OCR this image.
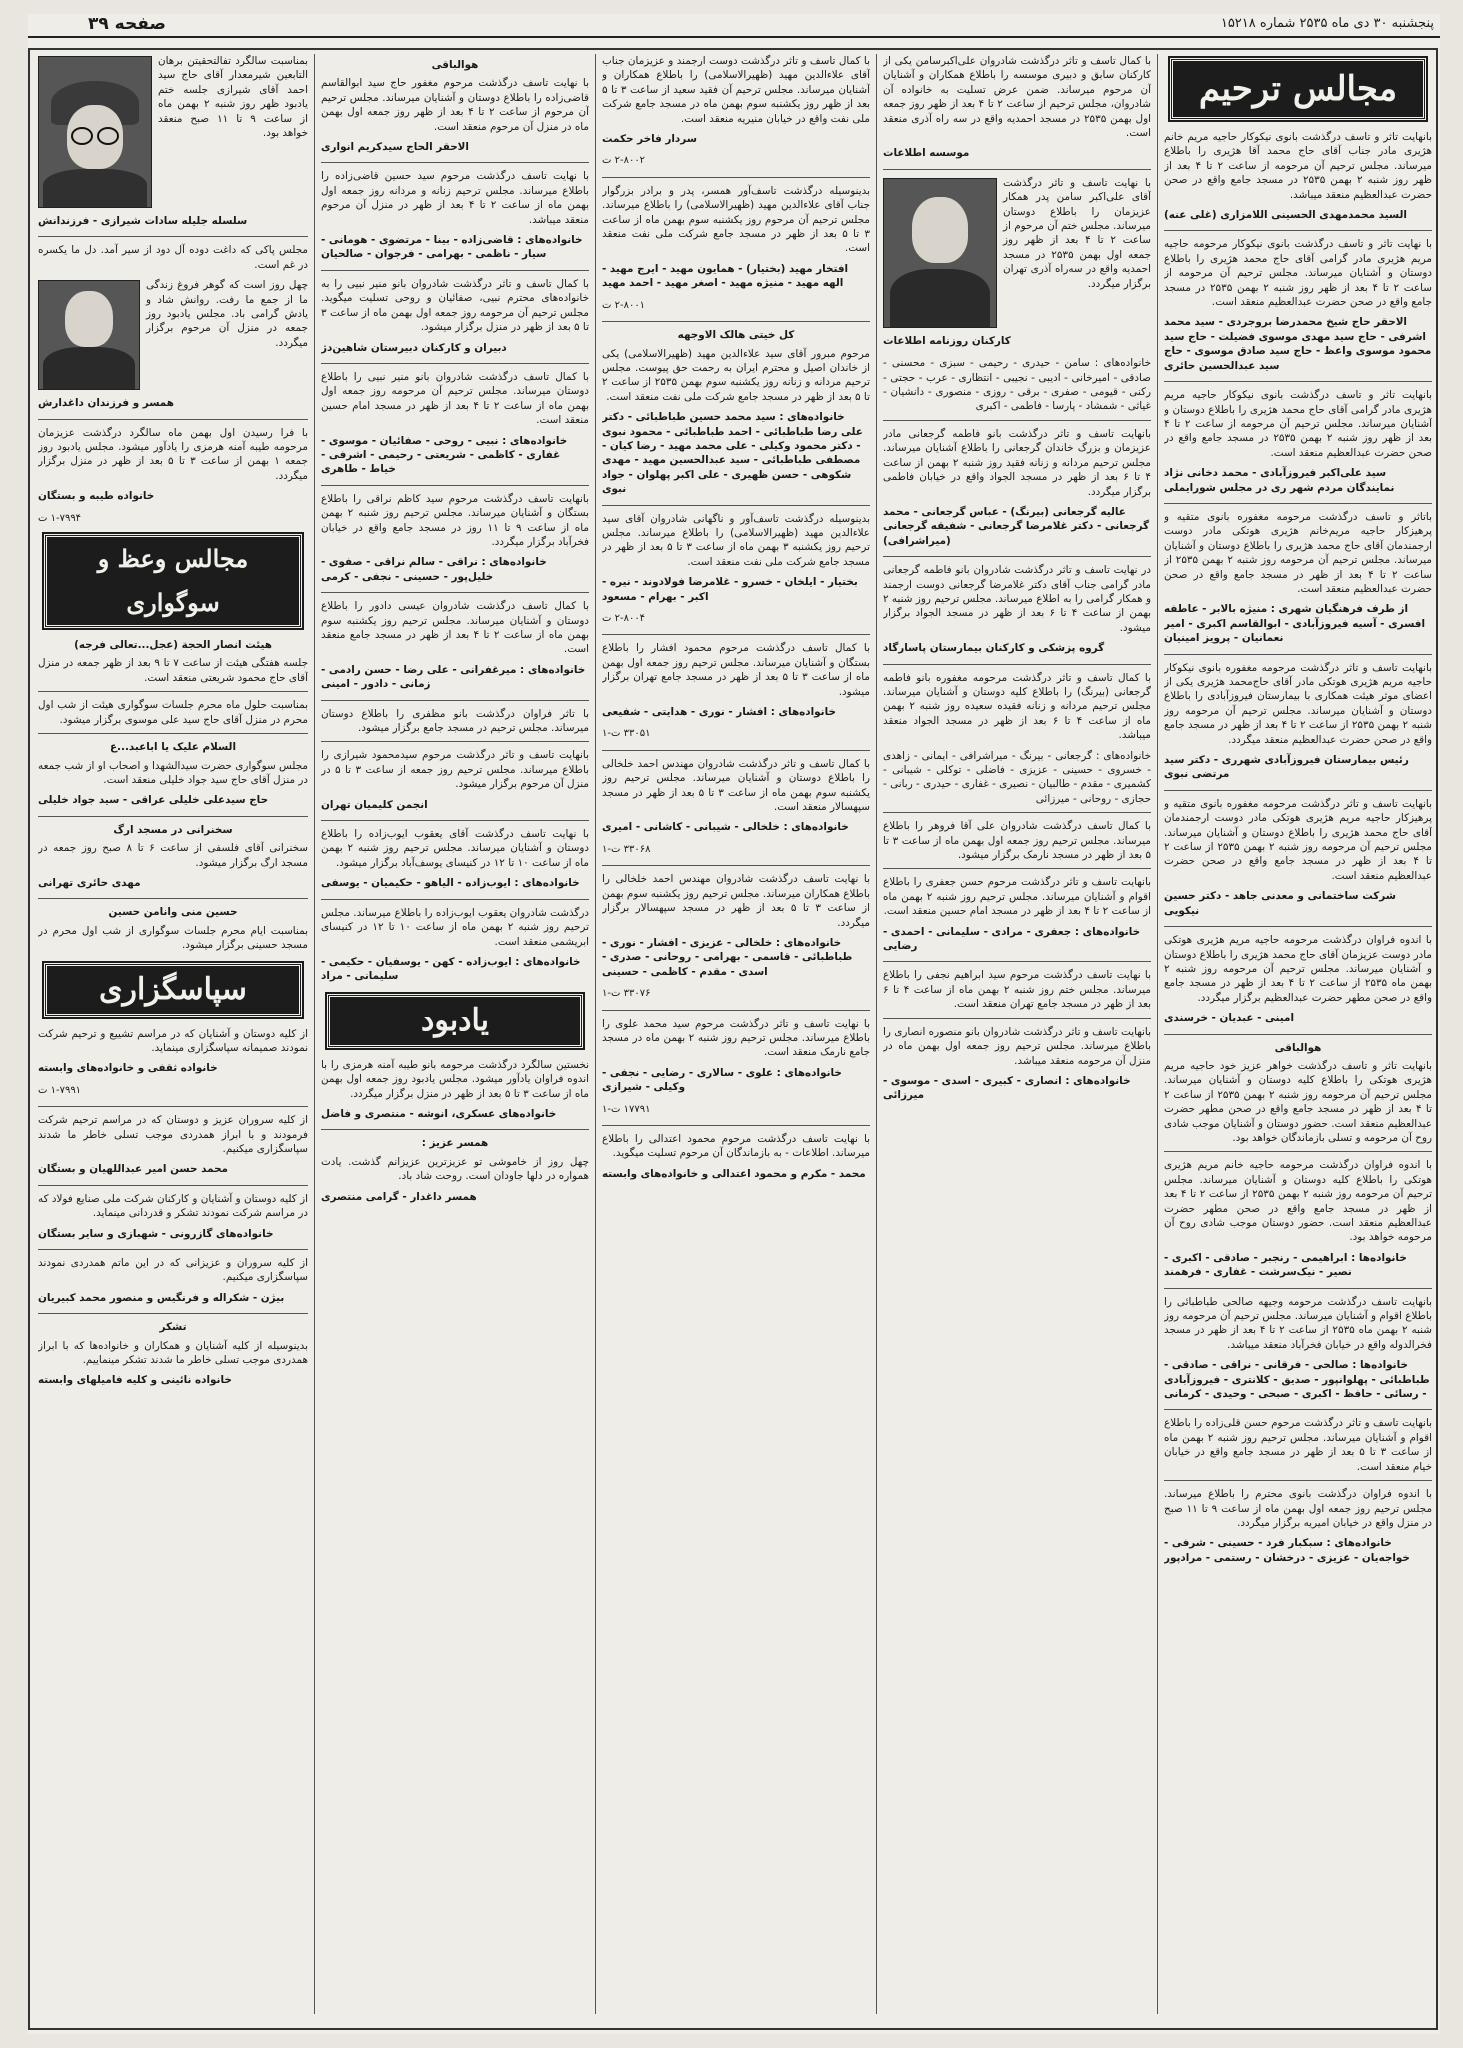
پنجشنبه ۳۰ دی ماه ۲۵۳۵ شماره ۱۵۲۱۸
صفحه ۳۹
مجالس ترحیم

بانهایت تاثر و تاسف درگذشت بانوی نیکوکار حاجیه مریم خانم هژیری مادر جناب آقای حاج محمد آقا هژیری را باطلاع میرساند. مجلس ترحیم آن مرحومه از ساعت ۲ تا ۴ بعد از ظهر روز شنبه ۲ بهمن ۲۵۳۵ در مسجد جامع واقع در صحن حضرت عبدالعظیم منعقد میباشد.

السید محمدمهدی الحسینی اللامزاری (غلی عنه)

با نهایت تاثر و تاسف درگذشت بانوی نیکوکار مرحومه حاجیه مریم هژیری مادر گرامی آقای حاج محمد هژیری را باطلاع دوستان و آشنایان میرساند. مجلس ترحیم آن مرحومه از ساعت ۲ تا ۴ بعد از ظهر روز شنبه ۲ بهمن ۲۵۳۵ در مسجد جامع واقع در صحن حضرت عبدالعظیم منعقد است.

الاحقر حاج شیخ محمدرضا بروجردی - سید محمد اشرفی - حاج سید مهدی موسوی فضیلت - حاج سید محمود موسوی واعظ - حاج سید صادق موسوی - حاج سید عبدالحسین حائری

بانهایت تاثر و تاسف درگذشت بانوی نیکوکار حاجیه مریم هژیری مادر گرامی آقای حاج محمد هژیری را باطلاع دوستان و آشنایان میرساند. مجلس ترحیم آن مرحومه از ساعت ۲ تا ۴ بعد از ظهر روز شنبه ۲ بهمن ۲۵۳۵ در مسجد جامع واقع در صحن حضرت عبدالعظیم منعقد است.

سید علی‌اکبر فیروزآبادی - محمد دخانی نژاد نمایندگان مردم شهر ری در مجلس شورایملی

باتاثر و تاسف درگذشت مرحومه مغفوره بانوی متقیه و پرهیزکار حاجیه مریم‌خانم هژیری هوتکی مادر دوست ارجمندمان آقای حاج محمد هژیری را باطلاع دوستان و آشنایان میرساند. مجلس ترحیم آن مرحومه روز شنبه ۲ بهمن ۲۵۳۵ از ساعت ۲ تا ۴ بعد از ظهر در مسجد جامع واقع در صحن حضرت عبدالعظیم منعقد است.

از طرف فرهنگیان شهری : منیژه بالابر - عاطفه افسری - آسیه فیروزآبادی - ابوالقاسم اکبری - امیر نعمانیان - پرویز امینیان

بانهایت تاسف و تاثر درگذشت مرحومه مغفوره بانوی نیکوکار حاجیه مریم هژیری هوتکی مادر آقای حاج‌محمد هژیری یکی از اعضای موثر هیئت همکاری با بیمارستان فیروزآبادی را باطلاع دوستان و آشنایان میرساند. مجلس ترحیم آن مرحومه روز شنبه ۲ بهمن ۲۵۳۵ از ساعت ۲ تا ۴ بعد از ظهر در مسجد جامع واقع در صحن حضرت عبدالعظیم منعقد میگردد.

رئیس بیمارستان فیروزآبادی شهرری - دکتر سید مرتضی نبوی

بانهایت تاسف و تاثر درگذشت مرحومه مغفوره بانوی متقیه و پرهیزکار حاجیه مریم هژیری هوتکی مادر دوست ارجمندمان آقای حاج محمد هژیری را باطلاع دوستان و آشنایان میرساند. مجلس ترحیم آن مرحومه روز شنبه ۲ بهمن ۲۵۳۵ از ساعت ۲ تا ۴ بعد از ظهر در مسجد جامع واقع در صحن حضرت عبدالعظیم منعقد است.

شرکت ساختمانی و معدنی جاهد - دکتر حسین نیکویی

با اندوه فراوان درگذشت مرحومه حاجیه مریم هژیری هوتکی مادر دوست عزیزمان آقای حاج محمد هژیری را باطلاع دوستان و آشنایان میرساند. مجلس ترحیم آن مرحومه روز شنبه ۲ بهمن ماه ۲۵۳۵ از ساعت ۲ تا ۴ بعد از ظهر در مسجد جامع واقع در صحن مطهر حضرت عبدالعظیم برگزار میگردد.

امینی - عبدیان - خرسندی

هوالباقی

بانهایت تاثر و تاسف درگذشت خواهر عزیز خود حاجیه مریم هژیری هوتکی را باطلاع کلیه دوستان و آشنایان میرساند. مجلس ترحیم آن مرحومه روز شنبه ۲ بهمن ۲۵۳۵ از ساعت ۲ تا ۴ بعد از ظهر در مسجد جامع واقع در صحن مطهر حضرت عبدالعظیم منعقد است. حضور دوستان و آشنایان موجب شادی روح آن مرحومه و تسلی بازماندگان خواهد بود.

با اندوه فراوان درگذشت مرحومه حاجیه خانم مریم هژیری هوتکی را باطلاع کلیه دوستان و آشنایان میرساند. مجلس ترحیم آن مرحومه روز شنبه ۲ بهمن ۲۵۳۵ از ساعت ۲ تا ۴ بعد از ظهر در مسجد جامع واقع در صحن مطهر حضرت عبدالعظیم منعقد است. حضور دوستان موجب شادی روح آن مرحومه خواهد بود.

خانواده‌ها : ابراهیمی - رنجبر - صادقی - اکبری - نصیر - نیک‌سرشت - غفاری - فرهمند

بانهایت تاسف درگذشت مرحومه وجیهه صالحی طباطبائی را باطلاع اقوام و آشنایان میرساند. مجلس ترحیم آن مرحومه روز شنبه ۲ بهمن ماه ۲۵۳۵ از ساعت ۲ تا ۴ بعد از ظهر در مسجد فخرالدوله واقع در خیابان فخرآباد منعقد میباشد.

خانواده‌ها : صالحی - فرقانی - نراقی - صادقی - طباطبائی - پهلوانپور - صدیق - کلانتری - فیروزآبادی - رسائی - حافظ - اکبری - صبحی - وحیدی - کرمانی

بانهایت تاسف و تاثر درگذشت مرحوم حسن قلی‌زاده را باطلاع اقوام و آشنایان میرساند. مجلس ترحیم روز شنبه ۲ بهمن ماه از ساعت ۳ تا ۵ بعد از ظهر در مسجد جامع واقع در خیابان خیام منعقد است.

با اندوه فراوان درگذشت بانوی محترم را باطلاع میرساند. مجلس ترحیم روز جمعه اول بهمن ماه از ساعت ۹ تا ۱۱ صبح در منزل واقع در خیابان امیریه برگزار میگردد.

خانواده‌های : سبکبار فرد - حسینی - شرفی - خواجه‌یان - عزیزی - درخشان - رستمی - مرادپور

با کمال تاسف و تاثر درگذشت شادروان علی‌اکبرسامن یکی از کارکنان سابق و دبیری موسسه را باطلاع همکاران و آشنایان آن مرحوم میرساند. ضمن عرض تسلیت به خانواده آن شادروان، مجلس ترحیم از ساعت ۲ تا ۴ بعد از ظهر روز جمعه اول بهمن ۲۵۳۵ در مسجد احمدیه واقع در سه راه آذری منعقد است.

موسسه اطلاعات

با نهایت تاسف و تاثر درگذشت آقای علی‌اکبر سامن پدر همکار عزیزمان را باطلاع دوستان میرساند. مجلس ختم آن مرحوم از ساعت ۲ تا ۴ بعد از ظهر روز جمعه اول بهمن ۲۵۳۵ در مسجد احمدیه واقع در سه‌راه آذری تهران برگزار میگردد.

کارکنان روزنامه اطلاعات

خانواده‌های : سامن - حیدری - رحیمی - سبزی - محسنی - صادقی - امیرخانی - ادیبی - نجیبی - انتظاری - عرب - حجتی - رکنی - قیومی - صفری - برقی - روزی - منصوری - دانشیان - غیاثی - شمشاد - پارسا - فاطمی - اکبری

بانهایت تاسف و تاثر درگذشت بانو فاطمه گرجعانی مادر عزیزمان و بزرگ خاندان گرجعانی را باطلاع آشنایان میرساند. مجلس ترحیم مردانه و زنانه فقید روز شنبه ۲ بهمن از ساعت ۴ تا ۶ بعد از ظهر در مسجد الجواد واقع در خیابان فاطمی برگزار میگردد.

عالیه گرجعانی (بیرنگ) - عباس گرجعانی - محمد گرجعانی - دکتر غلامرضا گرجعانی - شفیقه گرجعانی (میراشرافی)

در نهایت تاسف و تاثر درگذشت شادروان بانو فاطمه گرجعانی مادر گرامی جناب آقای دکتر غلامرضا گرجعانی دوست ارجمند و همکار گرامی را به اطلاع میرساند. مجلس ترحیم روز شنبه ۲ بهمن از ساعت ۴ تا ۶ بعد از ظهر در مسجد الجواد برگزار میشود.

گروه پزشکی و کارکنان بیمارستان پاسارگاد

با کمال تاسف و تاثر درگذشت مرحومه مغفوره بانو فاطمه گرجعانی (بیرنگ) را باطلاع کلیه دوستان و آشنایان میرساند. مجلس ترحیم مردانه و زنانه فقیده سعیده روز شنبه ۲ بهمن ماه از ساعت ۴ تا ۶ بعد از ظهر در مسجد الجواد منعقد میباشد.

خانواده‌های : گرجعانی - بیرنگ - میراشرافی - ایمانی - زاهدی - خسروی - حسینی - عزیزی - فاضلی - توکلی - شیبانی - کشمیری - مقدم - طالبیان - نصیری - غفاری - حیدری - ربانی - حجازی - روحانی - میرزائی

با کمال تاسف درگذشت شادروان علی آقا فروهر را باطلاع میرساند. مجلس ترحیم روز جمعه اول بهمن ماه از ساعت ۳ تا ۵ بعد از ظهر در مسجد نارمک برگزار میشود.

بانهایت تاسف و تاثر درگذشت مرحوم حسن جعفری را باطلاع اقوام و آشنایان میرساند. مجلس ترحیم روز شنبه ۲ بهمن ماه از ساعت ۲ تا ۴ بعد از ظهر در مسجد امام حسین منعقد است.

خانواده‌های : جعفری - مرادی - سلیمانی - احمدی - رضایی

با نهایت تاسف درگذشت مرحوم سید ابراهیم نجفی را باطلاع میرساند. مجلس ختم روز شنبه ۲ بهمن ماه از ساعت ۴ تا ۶ بعد از ظهر در مسجد جامع تهران منعقد است.

بانهایت تاسف و تاثر درگذشت شادروان بانو منصوره انصاری را باطلاع میرساند. مجلس ترحیم روز جمعه اول بهمن ماه در منزل آن مرحومه منعقد میباشد.

خانواده‌های : انصاری - کبیری - اسدی - موسوی - میرزائی

با کمال تاسف و تاثر درگذشت دوست ارجمند و عزیزمان جناب آقای علاءالدین مهید (ظهیرالاسلامی) را باطلاع همکاران و آشنایان میرساند. مجلس ترحیم آن فقید سعید از ساعت ۳ تا ۵ بعد از ظهر روز یکشنبه سوم بهمن ماه در مسجد جامع شرکت ملی نفت واقع در خیابان منیریه منعقد است.

سردار فاخر حکمت

۲-۸۰۰۲ ت

بدینوسیله درگذشت تاسف‌آور همسر، پدر و برادر بزرگوار جناب آقای علاءالدین مهید (ظهیرالاسلامی) را باطلاع میرساند. مجلس ترحیم آن مرحوم روز یکشنبه سوم بهمن ماه از ساعت ۳ تا ۵ بعد از ظهر در مسجد جامع شرکت ملی نفت منعقد است.

افتخار مهید (بختیار) - همایون مهید - ایرج مهید - الهه مهید - منیژه مهید - اصغر مهید - احمد مهید

۲-۸۰۰۱ ت

کل خیتی هالک الاوجهه

مرحوم مبرور آقای سید علاءالدین مهید (ظهیرالاسلامی) یکی از خاندان اصیل و محترم ایران به رحمت حق پیوست. مجلس ترحیم مردانه و زنانه روز یکشنبه سوم بهمن ۲۵۳۵ از ساعت ۲ تا ۵ بعد از ظهر در مسجد جامع شرکت ملی نفت منعقد است.

خانواده‌های : سید محمد حسین طباطبائی - دکتر علی رضا طباطبائی - احمد طباطبائی - محمود نبوی - دکتر محمود وکیلی - علی محمد مهید - رضا کیان - مصطفی طباطبائی - سید عبدالحسین مهید - مهدی شکوهی - حسن ظهیری - علی اکبر پهلوان - جواد نبوی

بدینوسیله درگذشت تاسف‌آور و ناگهانی شادروان آقای سید علاءالدین مهید (ظهیرالاسلامی) را باطلاع میرساند. مجلس ترحیم روز یکشنبه ۳ بهمن ماه از ساعت ۳ تا ۵ بعد از ظهر در مسجد جامع شرکت ملی نفت منعقد است.

بختیار - ایلخان - خسرو - غلامرضا فولادوند - نیره - اکبر - بهرام - مسعود

۲-۸۰۰۴ ت

با کمال تاسف درگذشت مرحوم محمود افشار را باطلاع بستگان و آشنایان میرساند. مجلس ترحیم روز جمعه اول بهمن ماه از ساعت ۳ تا ۵ بعد از ظهر در مسجد جامع تهران برگزار میشود.

خانواده‌های : افشار - نوری - هدایتی - شفیعی

۳۳۰۵۱ ت-۱

با کمال تاسف و تاثر درگذشت شادروان مهندس احمد خلخالی را باطلاع دوستان و آشنایان میرساند. مجلس ترحیم روز یکشنبه سوم بهمن ماه از ساعت ۳ تا ۵ بعد از ظهر در مسجد سپهسالار منعقد است.

خانواده‌های : خلخالی - شیبانی - کاشانی - امیری

۳۳۰۶۸ ت-۱

با نهایت تاسف درگذشت شادروان مهندس احمد خلخالی را باطلاع همکاران میرساند. مجلس ترحیم روز یکشنبه سوم بهمن از ساعت ۳ تا ۵ بعد از ظهر در مسجد سپهسالار برگزار میگردد.

خانواده‌های : خلخالی - عزیزی - افشار - نوری - طباطبائی - قاسمی - بهرامی - روحانی - صدری - اسدی - مقدم - کاظمی - حسینی

۳۳۰۷۶ ت-۱

با نهایت تاسف و تاثر درگذشت مرحوم سید محمد علوی را باطلاع میرساند. مجلس ترحیم روز شنبه ۲ بهمن ماه در مسجد جامع نارمک منعقد است.

خانواده‌های : علوی - سالاری - رضایی - نجفی - وکیلی - شیرازی

۱۷۷۹۱ ت-۱

با نهایت تاسف درگذشت مرحوم محمود اعتدالی را باطلاع میرساند. اطلاعات - به بازماندگان آن مرحوم تسلیت میگوید.

محمد - مکرم و محمود اعتدالی و خانواده‌های وابسته

هوالباقی

با نهایت تاسف درگذشت مرحوم مغفور حاج سید ابوالقاسم قاضی‌زاده را باطلاع دوستان و آشنایان میرساند. مجلس ترحیم آن مرحوم از ساعت ۲ تا ۴ بعد از ظهر روز جمعه اول بهمن ماه در منزل آن مرحوم منعقد است.

الاحقر الحاج سیدکریم انواری

با نهایت تاسف درگذشت مرحوم سید حسین قاضی‌زاده را باطلاع میرساند. مجلس ترحیم زنانه و مردانه روز جمعه اول بهمن ماه از ساعت ۲ تا ۴ بعد از ظهر در منزل آن مرحوم منعقد میباشد.

خانواده‌های : قاضی‌زاده - بینا - مرتضوی - هومانی - سیار - ناظمی - بهرامی - فرجوان - صالحیان

با کمال تاسف و تاثر درگذشت شادروان بانو منیر نبیی را به خانواده‌های محترم نبیی، صفائیان و روحی تسلیت میگوید. مجلس ترحیم آن مرحومه روز جمعه اول بهمن ماه از ساعت ۳ تا ۵ بعد از ظهر در منزل برگزار میشود.

دبیران و کارکنان دبیرستان شاهین‌دژ

با کمال تاسف درگذشت شادروان بانو منیر نبیی را باطلاع دوستان میرساند. مجلس ترحیم آن مرحومه روز جمعه اول بهمن ماه از ساعت ۲ تا ۴ بعد از ظهر در مسجد امام حسین منعقد است.

خانواده‌های : نبیی - روحی - صفائیان - موسوی - غفاری - کاظمی - شریعتی - رحیمی - اشرفی - خیاط - طاهری

بانهایت تاسف درگذشت مرحوم سید کاظم نراقی را باطلاع بستگان و آشنایان میرساند. مجلس ترحیم روز شنبه ۲ بهمن ماه از ساعت ۹ تا ۱۱ روز در مسجد جامع واقع در خیابان فخرآباد برگزار میگردد.

خانواده‌های : نراقی - سالم نراقی - صفوی - خلیل‌پور - حسینی - نجفی - کرمی

با کمال تاسف درگذشت شادروان عیسی دادور را باطلاع دوستان و آشنایان میرساند. مجلس ترحیم روز یکشنبه سوم بهمن ماه از ساعت ۲ تا ۴ بعد از ظهر در مسجد جامع منعقد است.

خانواده‌های : میرغفرانی - علی رضا - حسن رادمی - زمانی - دادور - امینی

با تاثر فراوان درگذشت بانو مظفری را باطلاع دوستان میرساند. مجلس ترحیم در مسجد جامع برگزار میشود.

بانهایت تاسف و تاثر درگذشت مرحوم سیدمحمود شیرازی را باطلاع میرساند. مجلس ترحیم روز جمعه از ساعت ۳ تا ۵ در منزل آن مرحوم برگزار میشود.

انجمن کلیمیان تهران

با نهایت تاسف درگذشت آقای یعقوب ایوب‌زاده را باطلاع دوستان و آشنایان میرساند. مجلس ترحیم روز شنبه ۲ بهمن ماه از ساعت ۱۰ تا ۱۲ در کنیسای یوسف‌آباد برگزار میشود.

خانواده‌های : ایوب‌زاده - الیاهو - حکیمیان - یوسفی

درگذشت شادروان یعقوب ایوب‌زاده را باطلاع میرساند. مجلس ترحیم روز شنبه ۲ بهمن ماه از ساعت ۱۰ تا ۱۲ در کنیسای ابریشمی منعقد است.

خانواده‌های : ایوب‌زاده - کهن - یوسفیان - حکیمی - سلیمانی - مراد

یادبود

نخستین سالگرد درگذشت مرحومه بانو طیبه آمنه هرمزی را با اندوه فراوان یادآور میشود. مجلس یادبود روز جمعه اول بهمن ماه از ساعت ۳ تا ۵ بعد از ظهر در منزل برگزار میگردد.

خانواده‌های عسکری، انوشه - منتصری و فاضل

همسر عزیز :

چهل روز از خاموشی تو عزیزترین عزیزانم گذشت. یادت همواره در دلها جاودان است. روحت شاد باد.

همسر داغدار - گرامی منتصری

بمناسبت سالگرد تفالتحقیتن برهان التابعین شیرمعدار آقای حاج سید احمد آقای شیرازی جلسه ختم یادبود ظهر روز شنبه ۲ بهمن ماه از ساعت ۹ تا ۱۱ صبح منعقد خواهد بود.

سلسله جلیله سادات شیرازی - فرزندانش

مجلس پاکی که داغت دوده آل دود از سیر آمد. دل ما یکسره در غم است.

چهل روز است که گوهر فروغ زندگی ما از جمع ما رفت. روانش شاد و یادش گرامی باد. مجلس یادبود روز جمعه در منزل آن مرحوم برگزار میگردد.

همسر و فرزندان داغدارش

با فرا رسیدن اول بهمن ماه سالگرد درگذشت عزیزمان مرحومه طیبه آمنه هرمزی را یادآور میشود. مجلس یادبود روز جمعه ۱ بهمن از ساعت ۳ تا ۵ بعد از ظهر در منزل برگزار میگردد.

خانواده طیبه و بستگان

۱-۷۹۹۴ ت

مجالس وعظ و سوگواری

هیئت انصار الحجة (عجل...تعالی فرجه)

جلسه هفتگی هیئت از ساعت ۷ تا ۹ بعد از ظهر جمعه در منزل آقای حاج محمود شریعتی منعقد است.

بمناسبت حلول ماه محرم جلسات سوگواری هیئت از شب اول محرم در منزل آقای حاج سید علی موسوی برگزار میشود.

السلام علیک یا اباعبد...ع

مجلس سوگواری حضرت سیدالشهدا و اصحاب او از شب جمعه در منزل آقای حاج سید جواد خلیلی منعقد است.

حاج سیدعلی خلیلی عراقی - سید جواد خلیلی

سخنرانی در مسجد ارگ

سخنرانی آقای فلسفی از ساعت ۶ تا ۸ صبح روز جمعه در مسجد ارگ برگزار میشود.

مهدی حائری تهرانی

حسین منی وانامن حسین

بمناسبت ایام محرم جلسات سوگواری از شب اول محرم در مسجد حسینی برگزار میشود.

سپاسگزاری

از کلیه دوستان و آشنایان که در مراسم تشییع و ترحیم شرکت نمودند صمیمانه سپاسگزاری مینماید.

خانواده ثقفی و خانواده‌های وابسته

۱-۷۹۹۱ ت

از کلیه سروران عزیز و دوستان که در مراسم ترحیم شرکت فرمودند و با ابراز همدردی موجب تسلی خاطر ما شدند سپاسگزاری میکنیم.

محمد حسن امیر عبداللهیان و بستگان

از کلیه دوستان و آشنایان و کارکنان شرکت ملی صنایع فولاد که در مراسم شرکت نمودند تشکر و قدردانی مینماید.

خانواده‌های گازرونی - شهبازی و سایر بستگان

از کلیه سروران و عزیزانی که در این ماتم همدردی نمودند سپاسگزاری میکنیم.

بیژن - شکراله و فرنگیس و منصور محمد کبیریان

تشکر

بدینوسیله از کلیه آشنایان و همکاران و خانواده‌ها که با ابراز همدردی موجب تسلی خاطر ما شدند تشکر مینماییم.

خانواده نائینی و کلیه فامیلهای وابسته
